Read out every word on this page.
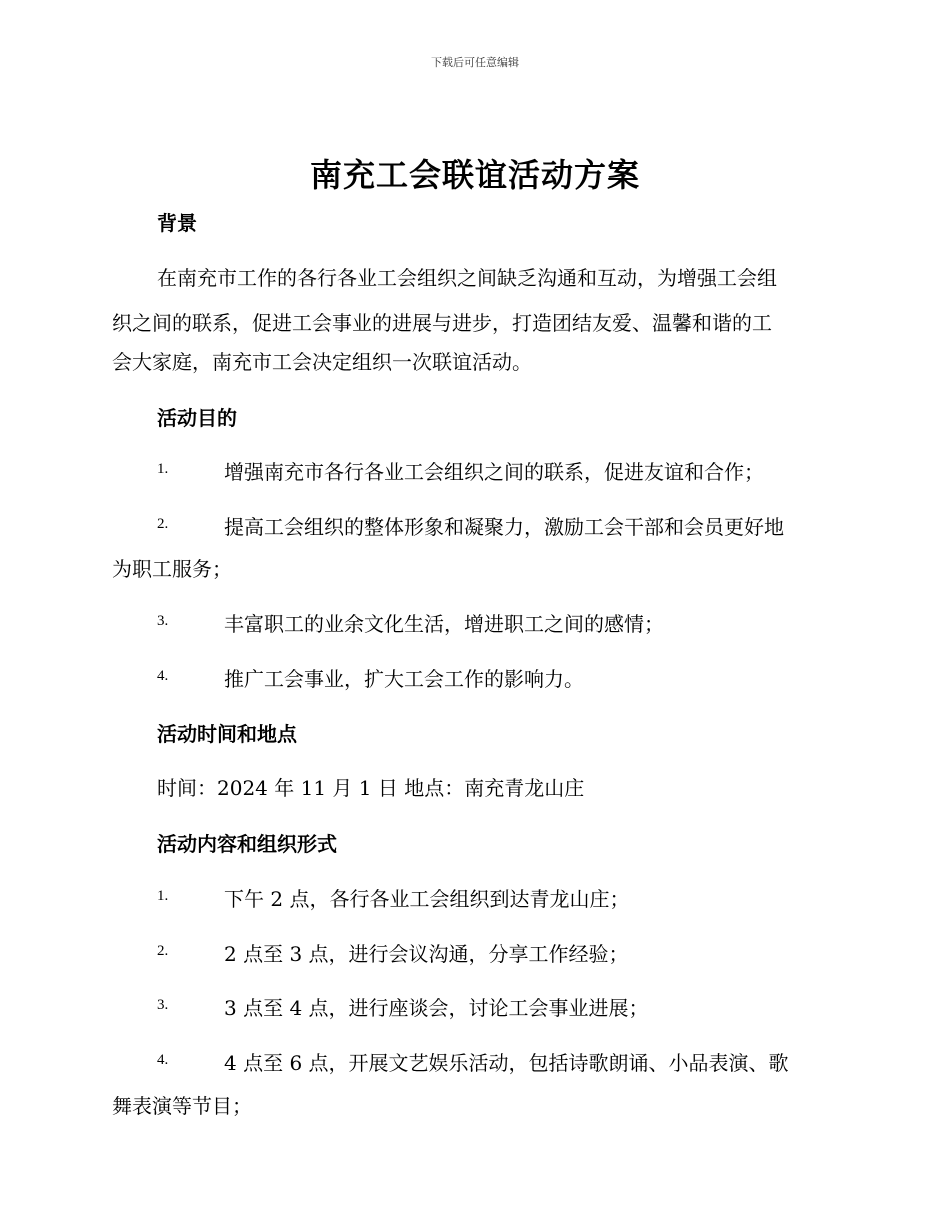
下载后可任意编辑
南充工会联谊活动方案
背景
在南充市工作的各行各业工会组织之间缺乏沟通和互动，为增强工会组
织之间的联系，促进工会事业的进展与进步，打造团结友爱、温馨和谐的工
会大家庭，南充市工会决定组织一次联谊活动。
活动目的
1.	增强南充市各行各业工会组织之间的联系，促进友谊和合作；
2.	提高工会组织的整体形象和凝聚力，激励工会干部和会员更好地
为职工服务；
3.	丰富职工的业余文化生活，增进职工之间的感情；
4.	推广工会事业，扩大工会工作的影响力。
活动时间和地点
时间：2024 年 11 月 1 日 地点：南充青龙山庄
活动内容和组织形式
1.	下午 2 点，各行各业工会组织到达青龙山庄；
2.	2 点至 3 点，进行会议沟通，分享工作经验；
3.	3 点至 4 点，进行座谈会，讨论工会事业进展；
4.	4 点至 6 点，开展文艺娱乐活动，包括诗歌朗诵、小品表演、歌
舞表演等节目；
